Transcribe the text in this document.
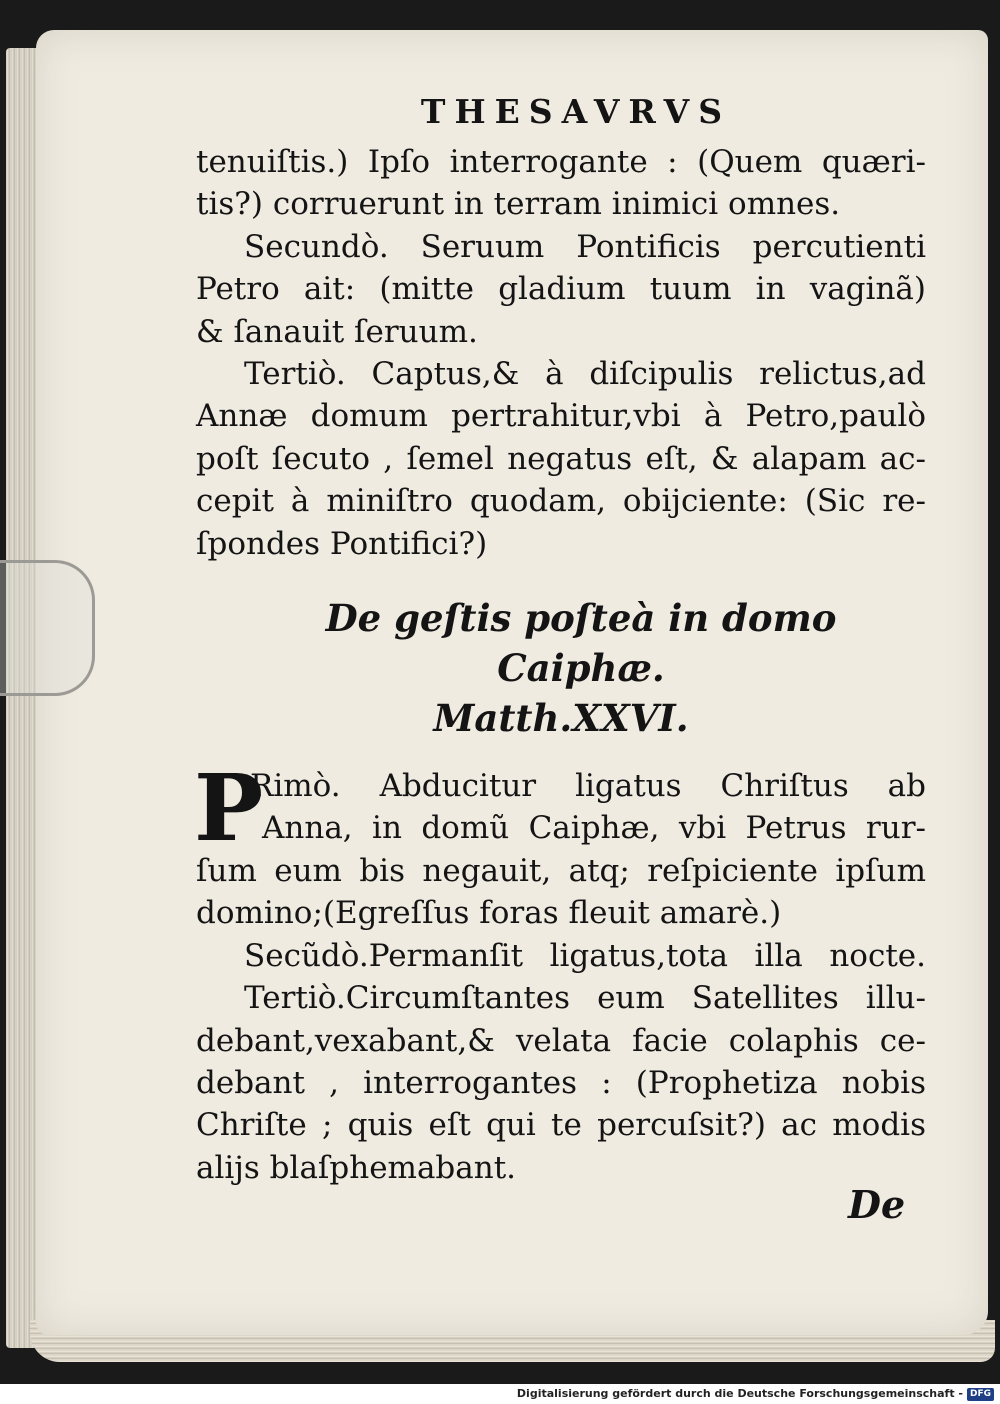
THESAVRVS
tenuiſtis.) Ipſo interrogante : (Quem quæri-
tis?) corruerunt in terram inimici omnes.
Secundò. Seruum Pontificis percutienti
Petro ait: (mitte gladium tuum in vaginã)
& ſanauit ſeruum.
Tertiò. Captus,& à diſcipulis relictus,ad
Annæ domum pertrahitur,vbi à Petro,paulò
poſt ſecuto , ſemel negatus eſt, & alapam ac-
cepit à miniſtro quodam, obijciente: (Sic re-
ſpondes Pontifici?)
De geſtis poſteà in domo Caiphæ.
Matth.XXVI.
P
Rimò. Abducitur ligatus Chriſtus ab
Anna, in domũ Caiphæ, vbi Petrus rur-
ſum eum bis negauit, atq; reſpiciente ipſum
domino;(Egreſſus foras fleuit amarè.)
Secũdò.Permanſit ligatus,tota illa nocte.
Tertiò.Circumſtantes eum Satellites illu-
debant,vexabant,& velata facie colaphis ce-
debant , interrogantes : (Prophetiza nobis
Chriſte ; quis eſt qui te percuſsit?) ac modis
alijs blaſphemabant.
De
Digitalisierung gefördert durch die Deutsche Forschungsgemeinschaft - DFG
